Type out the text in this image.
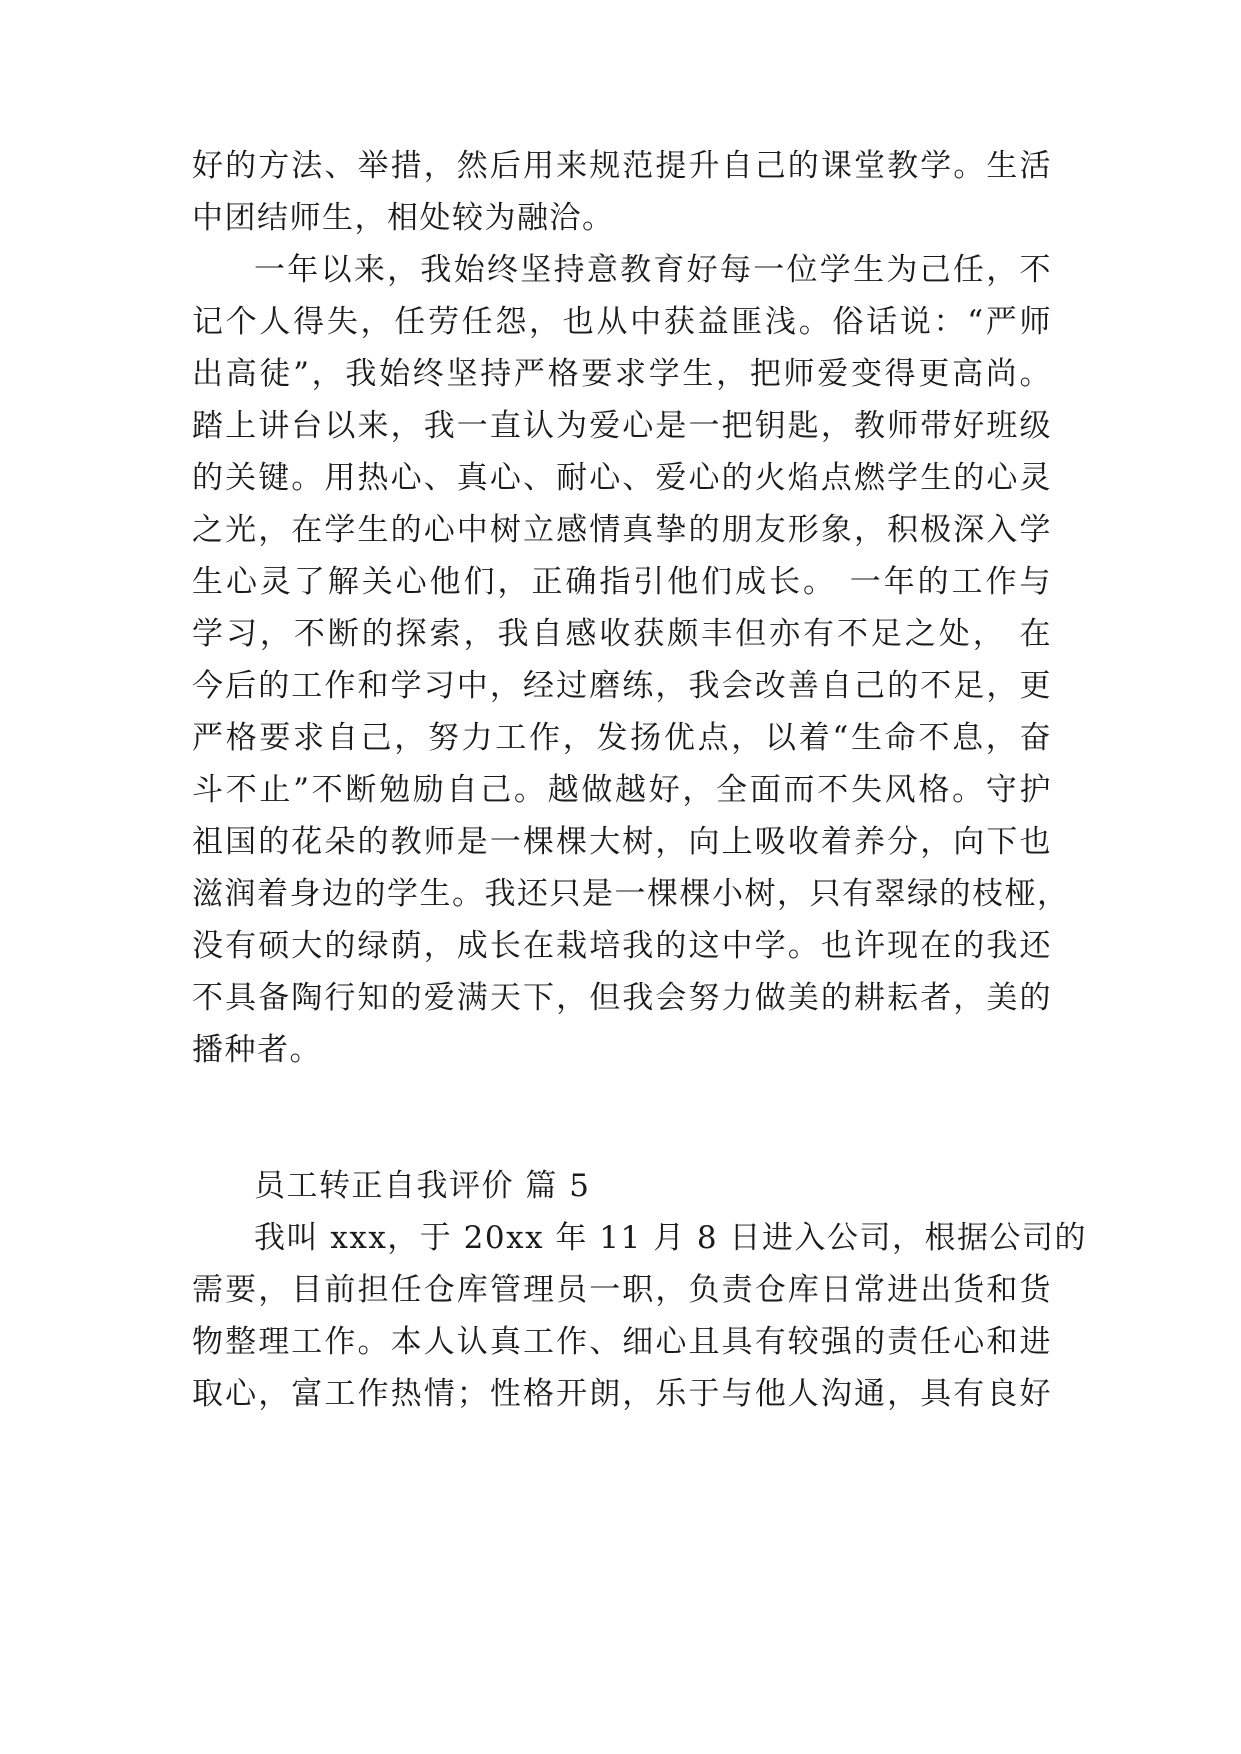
好的方法、举措，然后用来规范提升自己的课堂教学。生活
中团结师生，相处较为融洽。
一年以来，我始终坚持意教育好每一位学生为己任，不
记个人得失，任劳任怨，也从中获益匪浅。俗话说：“严师
出高徒”，我始终坚持严格要求学生，把师爱变得更高尚。
踏上讲台以来，我一直认为爱心是一把钥匙，教师带好班级
的关键。用热心、真心、耐心、爱心的火焰点燃学生的心灵
之光，在学生的心中树立感情真挚的朋友形象，积极深入学
生心灵了解关心他们，正确指引他们成长。 一年的工作与
学习，不断的探索，我自感收获颇丰但亦有不足之处， 在
今后的工作和学习中，经过磨练，我会改善自己的不足，更
严格要求自己，努力工作，发扬优点，以着“生命不息，奋
斗不止”不断勉励自己。越做越好，全面而不失风格。守护
祖国的花朵的教师是一棵棵大树，向上吸收着养分，向下也
滋润着身边的学生。我还只是一棵棵小树，只有翠绿的枝桠，
没有硕大的绿荫，成长在栽培我的这中学。也许现在的我还
不具备陶行知的爱满天下，但我会努力做美的耕耘者，美的
播种者。
员工转正自我评价 篇 5
我叫 xxx，于 20xx 年 11 月 8 日进入公司，根据公司的
需要，目前担任仓库管理员一职，负责仓库日常进出货和货
物整理工作。本人认真工作、细心且具有较强的责任心和进
取心，富工作热情；性格开朗，乐于与他人沟通，具有良好
